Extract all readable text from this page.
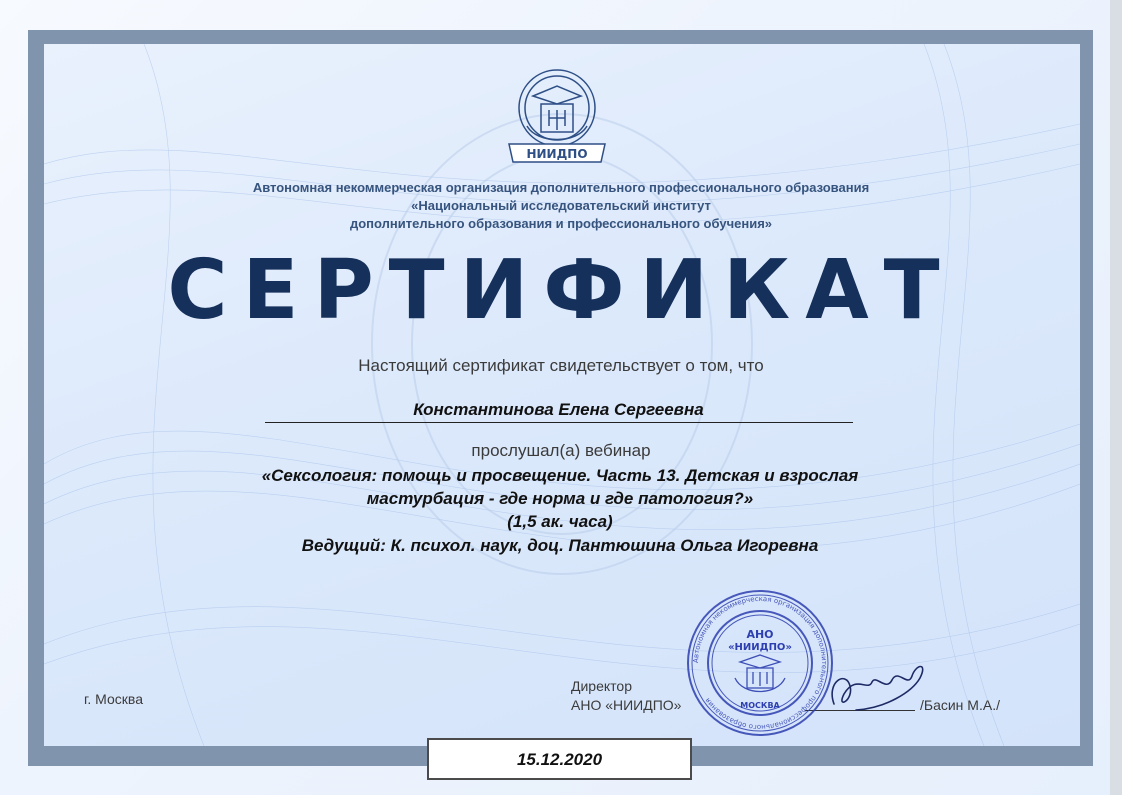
НИИДПО
Автономная некоммерческая организация дополнительного профессионального образования
«Национальный исследовательский институт
дополнительного образования и профессионального обучения»
СЕРТИФИКАТ
Настоящий сертификат свидетельствует о том, что
Константинова Елена Сергеевна
прослушал(а) вебинар
«Сексология: помощь и просвещение. Часть 13. Детская и взрослая
мастурбация - где норма и где патология?»
(1,5 ак. часа)
Ведущий: К. психол. наук, доц. Пантюшина Ольга Игоревна
г. Москва
Директор
АНО «НИИДПО»	/Басин М.А./
Автономная некоммерческая организация дополнительного профессионального образования
АНО
«НИИДПО»
МОСКВА
15.12.2020
